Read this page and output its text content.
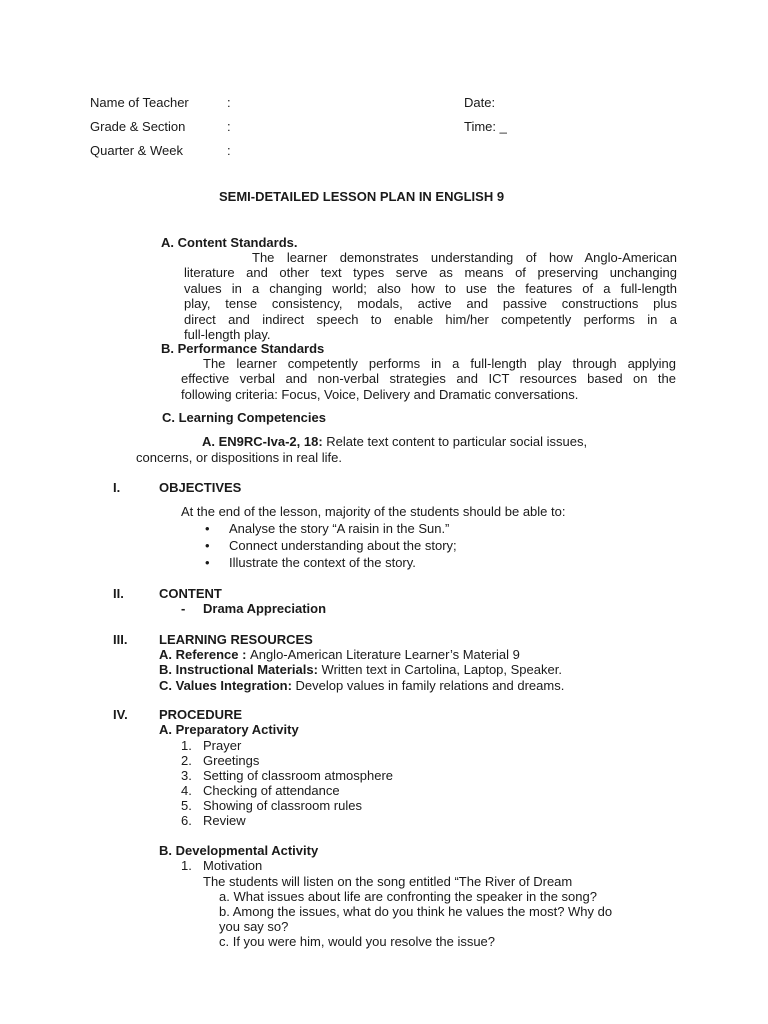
Name of Teacher	:	Date:
Grade & Section	:	Time: _
Quarter & Week	:
SEMI-DETAILED LESSON PLAN IN ENGLISH 9
A. Content Standards.
The learner demonstrates understanding of how Anglo-American
literature and other text types serve as means of preserving unchanging
values in a changing world; also how to use the features of a full-length
play, tense consistency, modals, active and passive constructions plus
direct and indirect speech to enable him/her competently performs in a
full-length play.
B. Performance Standards
The learner competently performs in a full-length play through applying
effective verbal and non-verbal strategies and ICT resources based on the
following criteria: Focus, Voice, Delivery and Dramatic conversations.
C. Learning Competencies
A. EN9RC-Iva-2, 18: Relate text content to particular social issues,
concerns, or dispositions in real life.
I.	OBJECTIVES
At the end of the lesson, majority of the students should be able to:
• Analyse the story “A raisin in the Sun.”
• Connect understanding about the story;
• Illustrate the context of the story.
II.	CONTENT
- Drama Appreciation
III. LEARNING RESOURCES
A. Reference : Anglo-American Literature Learner’s Material 9
B. Instructional Materials: Written text in Cartolina, Laptop, Speaker.
C. Values Integration: Develop values in family relations and dreams.
IV. PROCEDURE
A. Preparatory Activity
1. Prayer
2. Greetings
3. Setting of classroom atmosphere
4. Checking of attendance
5. Showing of classroom rules
6. Review
B. Developmental Activity
1. Motivation
The students will listen on the song entitled “The River of Dream
a. What issues about life are confronting the speaker in the song?
b. Among the issues, what do you think he values the most? Why do
you say so?
c. If you were him, would you resolve the issue?
